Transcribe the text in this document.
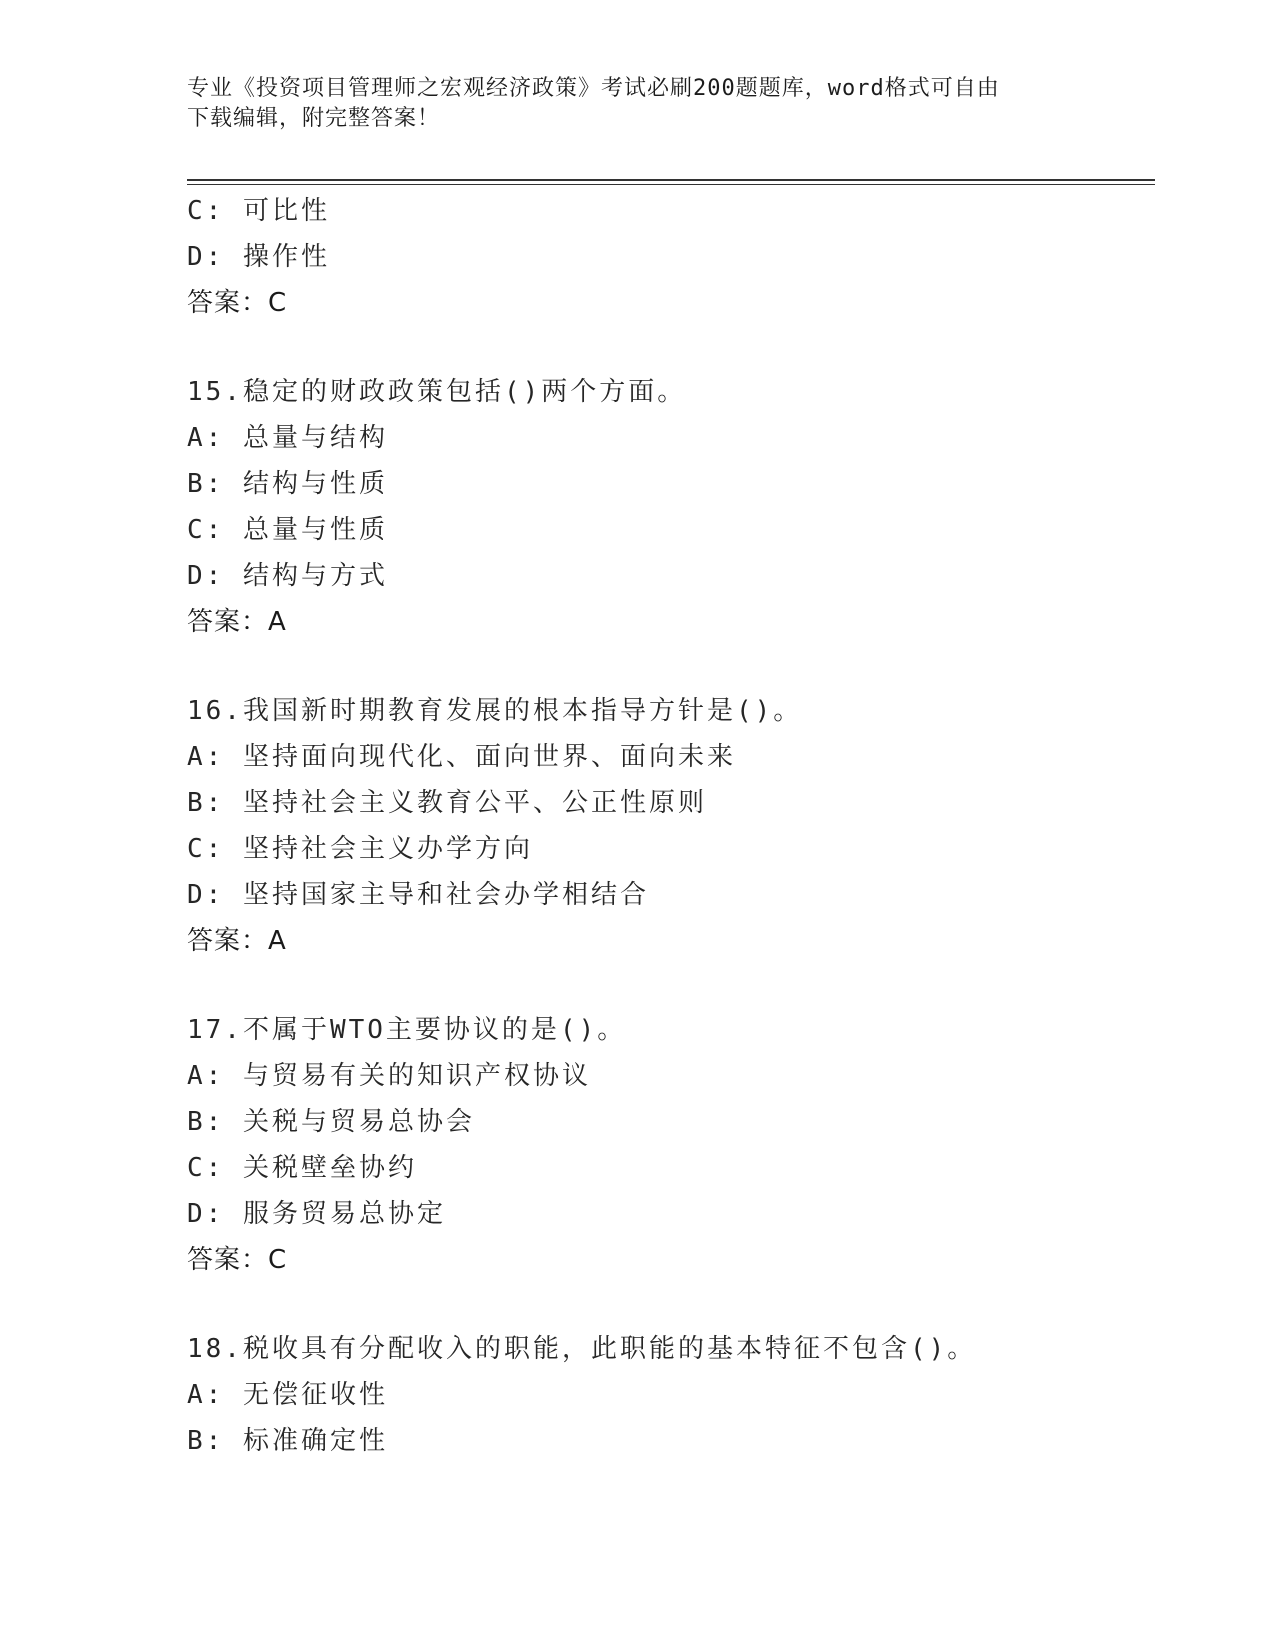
专业《投资项目管理师之宏观经济政策》考试必刷200题题库，word格式可自由
下载编辑，附完整答案！
C: 可比性
D: 操作性
答案：C
15.稳定的财政政策包括()两个方面。
A: 总量与结构
B: 结构与性质
C: 总量与性质
D: 结构与方式
答案：A
16.我国新时期教育发展的根本指导方针是()。
A: 坚持面向现代化、面向世界、面向未来
B: 坚持社会主义教育公平、公正性原则
C: 坚持社会主义办学方向
D: 坚持国家主导和社会办学相结合
答案：A
17.不属于WTO主要协议的是()。
A: 与贸易有关的知识产权协议
B: 关税与贸易总协会
C: 关税壁垒协约
D: 服务贸易总协定
答案：C
18.税收具有分配收入的职能，此职能的基本特征不包含()。
A: 无偿征收性
B: 标准确定性
